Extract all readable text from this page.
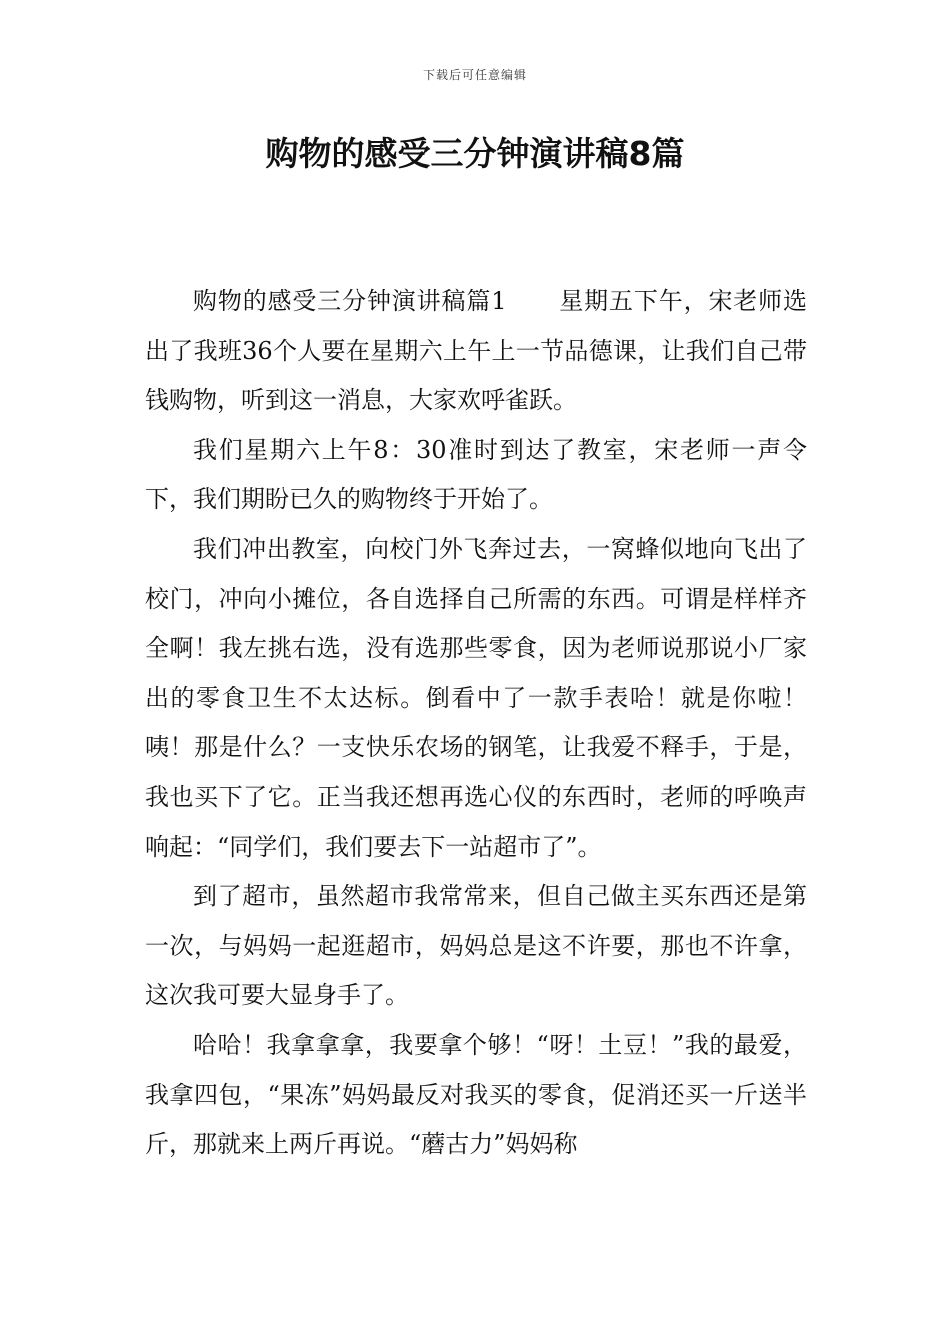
下载后可任意编辑
购物的感受三分钟演讲稿8篇

购物的感受三分钟演讲稿篇1 星期五下午，宋老师选出了我班36个人要在星期六上午上一节品德课，让我们自己带钱购物，听到这一消息，大家欢呼雀跃。

我们星期六上午8：30准时到达了教室，宋老师一声令下，我们期盼已久的购物终于开始了。

我们冲出教室，向校门外飞奔过去，一窝蜂似地向飞出了校门，冲向小摊位，各自选择自己所需的东西。可谓是样样齐全啊！我左挑右选，没有选那些零食，因为老师说那说小厂家出的零食卫生不太达标。倒看中了一款手表哈！就是你啦！咦！那是什么？一支快乐农场的钢笔，让我爱不释手，于是，我也买下了它。正当我还想再选心仪的东西时，老师的呼唤声响起：“同学们，我们要去下一站超市了”。

到了超市，虽然超市我常常来，但自己做主买东西还是第一次，与妈妈一起逛超市，妈妈总是这不许要，那也不许拿，这次我可要大显身手了。

哈哈！我拿拿拿，我要拿个够！“呀！土豆！”我的最爱，我拿四包，“果冻”妈妈最反对我买的零食，促消还买一斤送半斤，那就来上两斤再说。“蘑古力”妈妈称
